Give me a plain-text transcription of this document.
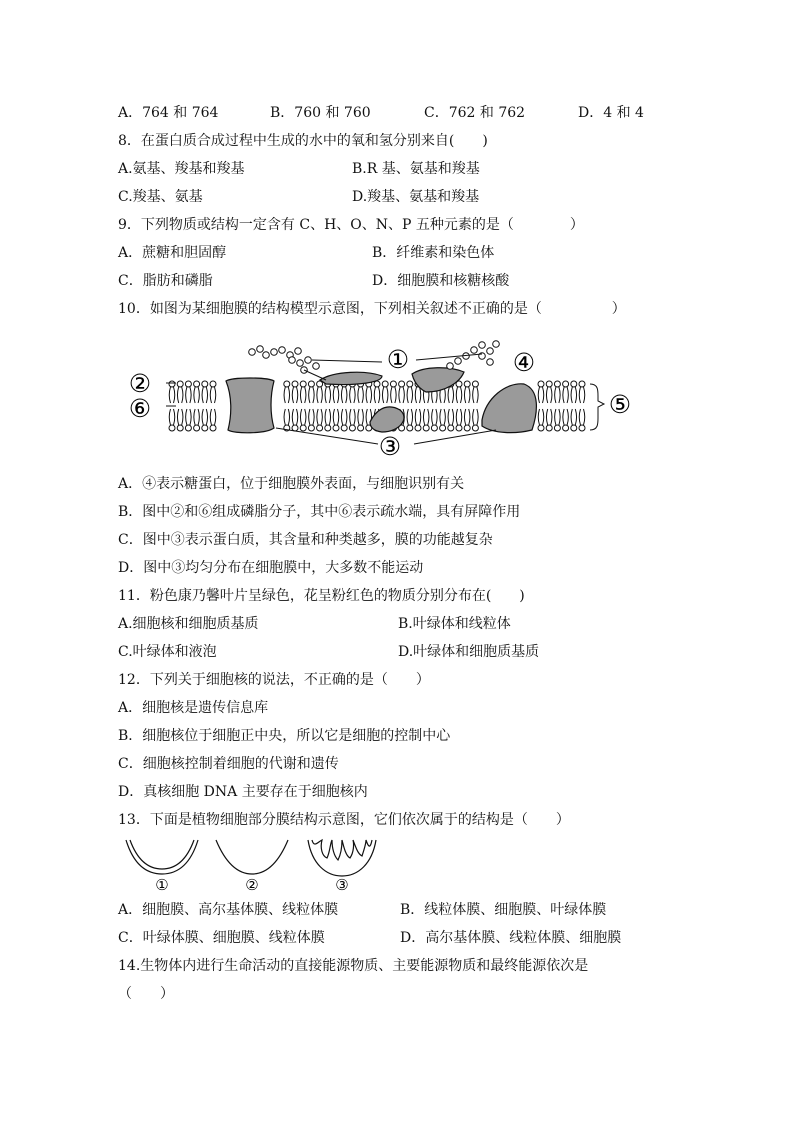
A．764 和 764	B．760 和 760	C．762 和 762	D．4 和 4
8．在蛋白质合成过程中生成的水中的氧和氢分别来自(　　)
A.氨基、羧基和羧基	B.R 基、氨基和羧基
C.羧基、氨基	D.羧基、氨基和羧基
9．下列物质或结构一定含有 C、H、O、N、P 五种元素的是（　　　　）
A．蔗糖和胆固醇	B．纤维素和染色体
C．脂肪和磷脂	D．细胞膜和核糖核酸
10．如图为某细胞膜的结构模型示意图，下列相关叙述不正确的是（　　　　　）
①
②
③
④
⑤
⑥
A．④表示糖蛋白，位于细胞膜外表面，与细胞识别有关
B．图中②和⑥组成磷脂分子，其中⑥表示疏水端，具有屏障作用
C．图中③表示蛋白质，其含量和种类越多，膜的功能越复杂
D．图中③均匀分布在细胞膜中，大多数不能运动
11．粉色康乃馨叶片呈绿色，花呈粉红色的物质分别分布在(　　)
A.细胞核和细胞质基质	B.叶绿体和线粒体
C.叶绿体和液泡	D.叶绿体和细胞质基质
12．下列关于细胞核的说法，不正确的是（　　）
A．细胞核是遗传信息库
B．细胞核位于细胞正中央，所以它是细胞的控制中心
C．细胞核控制着细胞的代谢和遗传
D．真核细胞 DNA 主要存在于细胞核内
13．下面是植物细胞部分膜结构示意图，它们依次属于的结构是（　　）
①	②	③
A．细胞膜、高尔基体膜、线粒体膜	B．线粒体膜、细胞膜、叶绿体膜
C．叶绿体膜、细胞膜、线粒体膜	D．高尔基体膜、线粒体膜、细胞膜
14.生物体内进行生命活动的直接能源物质、主要能源物质和最终能源依次是
（　　）
